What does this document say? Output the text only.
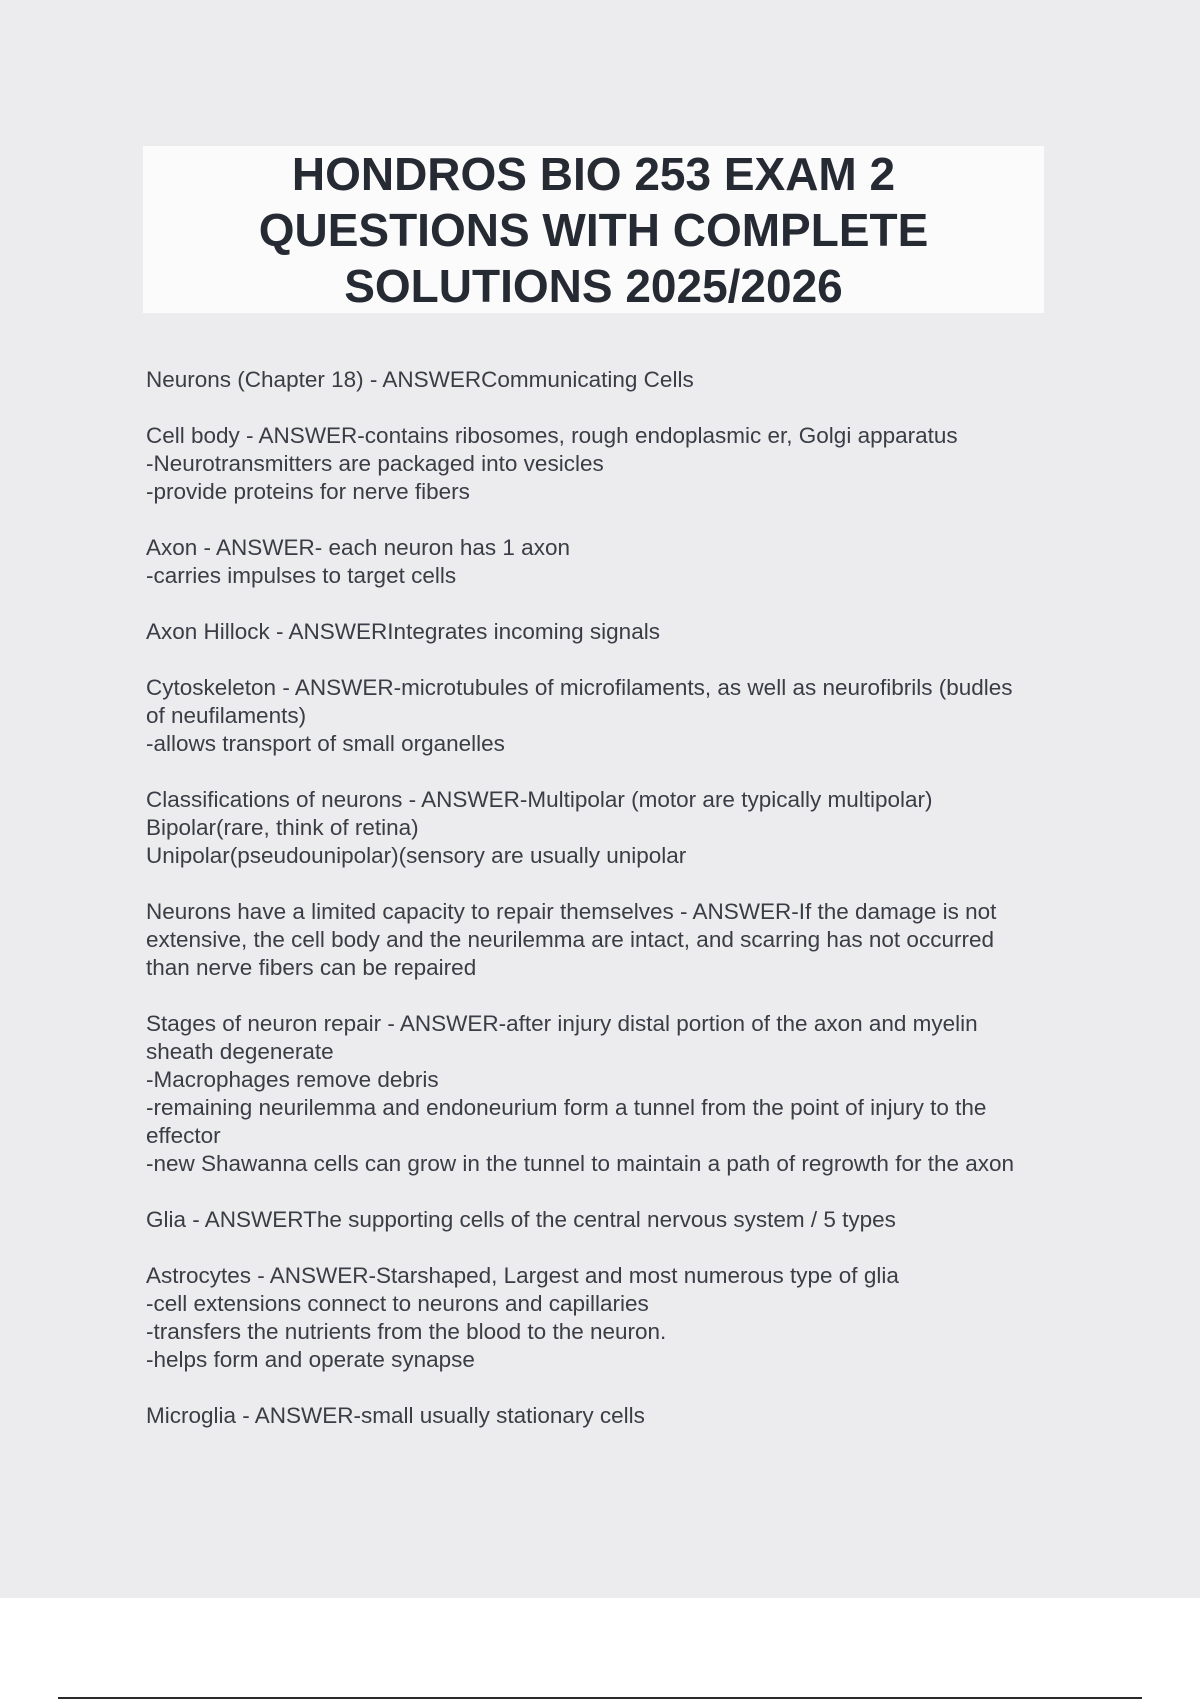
HONDROS BIO 253 EXAM 2
QUESTIONS WITH COMPLETE
SOLUTIONS 2025/2026
Neurons (Chapter 18) - ANSWERCommunicating Cells
Cell body - ANSWER-contains ribosomes, rough endoplasmic er, Golgi apparatus
-Neurotransmitters are packaged into vesicles
-provide proteins for nerve fibers
Axon - ANSWER- each neuron has 1 axon
-carries impulses to target cells
Axon Hillock - ANSWERIntegrates incoming signals
Cytoskeleton - ANSWER-microtubules of microfilaments, as well as neurofibrils (budles
of neufilaments)
-allows transport of small organelles
Classifications of neurons - ANSWER-Multipolar (motor are typically multipolar)
Bipolar(rare, think of retina)
Unipolar(pseudounipolar)(sensory are usually unipolar
Neurons have a limited capacity to repair themselves - ANSWER-If the damage is not
extensive, the cell body and the neurilemma are intact, and scarring has not occurred
than nerve fibers can be repaired
Stages of neuron repair - ANSWER-after injury distal portion of the axon and myelin
sheath degenerate
-Macrophages remove debris
-remaining neurilemma and endoneurium form a tunnel from the point of injury to the
effector
-new Shawanna cells can grow in the tunnel to maintain a path of regrowth for the axon
Glia - ANSWERThe supporting cells of the central nervous system / 5 types
Astrocytes - ANSWER-Starshaped, Largest and most numerous type of glia
-cell extensions connect to neurons and capillaries
-transfers the nutrients from the blood to the neuron.
-helps form and operate synapse
Microglia - ANSWER-small usually stationary cells
